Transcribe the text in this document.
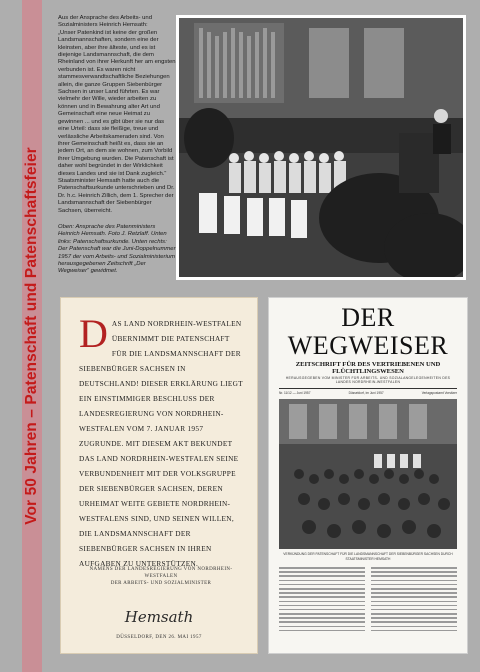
Vor 50 Jahren – Patenschaft und Patenschaftsfeier

Aus der Ansprache des Arbeits- und Sozialministers Heinrich Hemsath:
„Unser Patenkind ist keine der großen Landsmannschaften, sondern eine der kleinsten, aber ihre älteste, und es ist diejenige Landsmannschaft, die dem Rheinland von ihrer Herkunft her am engsten verbunden ist. Es waren nicht stammesverwandtschaftliche Beziehungen allein, die ganze Gruppen Siebenbürger Sachsen in unser Land führten. Es war vielmehr der Wille, wieder arbeiten zu können und in Bewahrung alter Art und Gemeinschaft eine neue Heimat zu gewinnen ... und es gibt über sie nur das eine Urteil: dass sie fleißige, treue und verlässliche Arbeitskameraden sind. Von ihrer Gemeinschaft heißt es, dass sie an jedem Ort, an dem sie wohnen, zum Vorbild ihrer Umgebung wurden. Die Patenschaft ist daher wohl begründet in der Wirklichkeit dieses Landes und sie ist Dank zugleich.“
Staatsminister Hemsath hatte auch die Patenschaftsurkunde unterschrieben und Dr. Dr. h.c. Heinrich Zillich, dem 1. Sprecher der Landsmannschaft der Siebenbürger Sachsen, überreicht.

Oben: Ansprache des Patenministers Heinrich Hemsath. Foto J. Retzlaff. Unten links: Patenschaftsurkunde. Unten rechts: Der Patenschaft war die Juni-Doppelnummer 1957 der vom Arbeits- und Sozialministerium herausgegebenen Zeitschrift „Der Wegweiser“ gewidmet.

D AS LAND NORDRHEIN-WESTFALEN ÜBERNIMMT DIE PATENSCHAFT FÜR DIE LANDSMANNSCHAFT DER SIEBENBÜRGER SACHSEN IN DEUTSCHLAND! DIESER ERKLÄRUNG LIEGT EIN EINSTIMMIGER BESCHLUSS DER LANDESREGIERUNG VON NORDRHEIN-WESTFALEN VOM 7. JANUAR 1957 ZUGRUNDE. MIT DIESEM AKT BEKUNDET DAS LAND NORDRHEIN-WESTFALEN SEINE VERBUNDENHEIT MIT DER VOLKSGRUPPE DER SIEBENBÜRGER SACHSEN, DEREN URHEIMAT WEITE GEBIETE NORDRHEIN-WESTFALENS SIND, UND SEINEN WILLEN, DIE LANDSMANNSCHAFT DER SIEBENBÜRGER SACHSEN IN IHREN AUFGABEN ZU UNTERSTÜTZEN.
NAMENS DER LANDESREGIERUNG VON NORDRHEIN-WESTFALEN
DER ARBEITS- UND SOZIALMINISTER
Hemsath
DÜSSELDORF, DEN 26. MAI 1957
DER WEGWEISER
ZEITSCHRIFT FÜR DES VERTRIEBENEN UND FLÜCHTLINGSWESEN
HERAUSGEGEBEN VOM MINISTER FÜR ARBEITS- UND SOZIALANGELEGENHEITEN DES LANDES NORDRHEIN-WESTFALEN
Nr. 11/12 — Juni 1957	Düsseldorf, im Juni 1957	Verlagspostamt Vorsitzer
VERKÜNDUNG DER PATENSCHAFT FÜR DIE LANDSMANNSCHAFT DER SIEBENBÜRGER SACHSEN DURCH STAATSMINISTER HEMSATH
